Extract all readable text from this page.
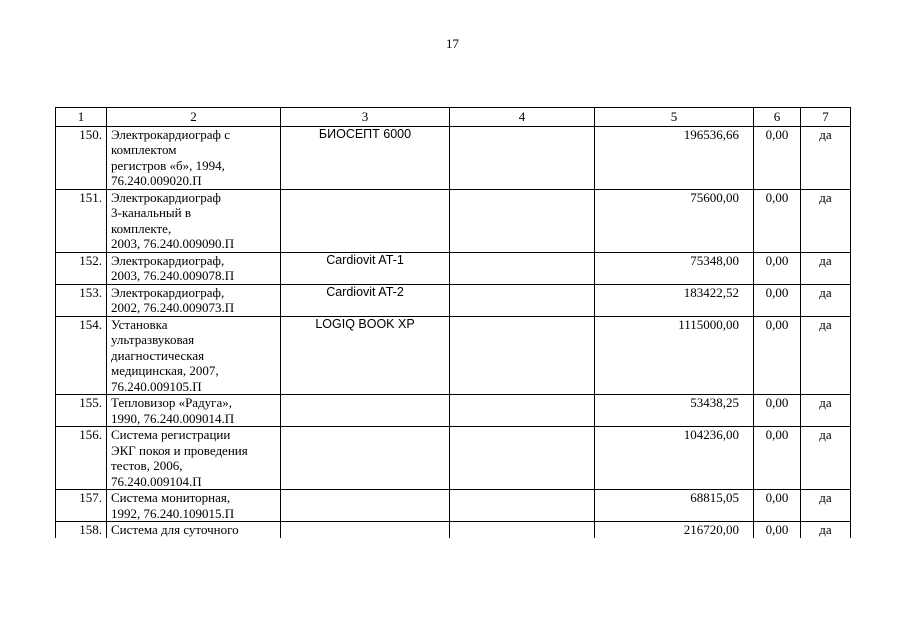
17
1	2	3	4	5	6	7
150.	Электрокардиограф с
комплектом
регистров «б», 1994,
76.240.009020.П	БИОСЕПТ 6000		196536,66	0,00	да
151.	Электрокардиограф
3-канальный в
комплекте,
2003, 76.240.009090.П			75600,00	0,00	да
152.	Электрокардиограф,
2003, 76.240.009078.П	Cardiovit AT-1		75348,00	0,00	да
153.	Электрокардиограф,
2002, 76.240.009073.П	Cardiovit AT-2		183422,52	0,00	да
154.	Установка
ультразвуковая
диагностическая
медицинская, 2007,
76.240.009105.П	LOGIQ BOOK XP		1115000,00	0,00	да
155.	Тепловизор «Радуга»,
1990, 76.240.009014.П			53438,25	0,00	да
156.	Система регистрации
ЭКГ покоя и проведения
тестов, 2006,
76.240.009104.П			104236,00	0,00	да
157.	Система мониторная,
1992, 76.240.109015.П			68815,05	0,00	да
158.	Система для суточного			216720,00	0,00	да
